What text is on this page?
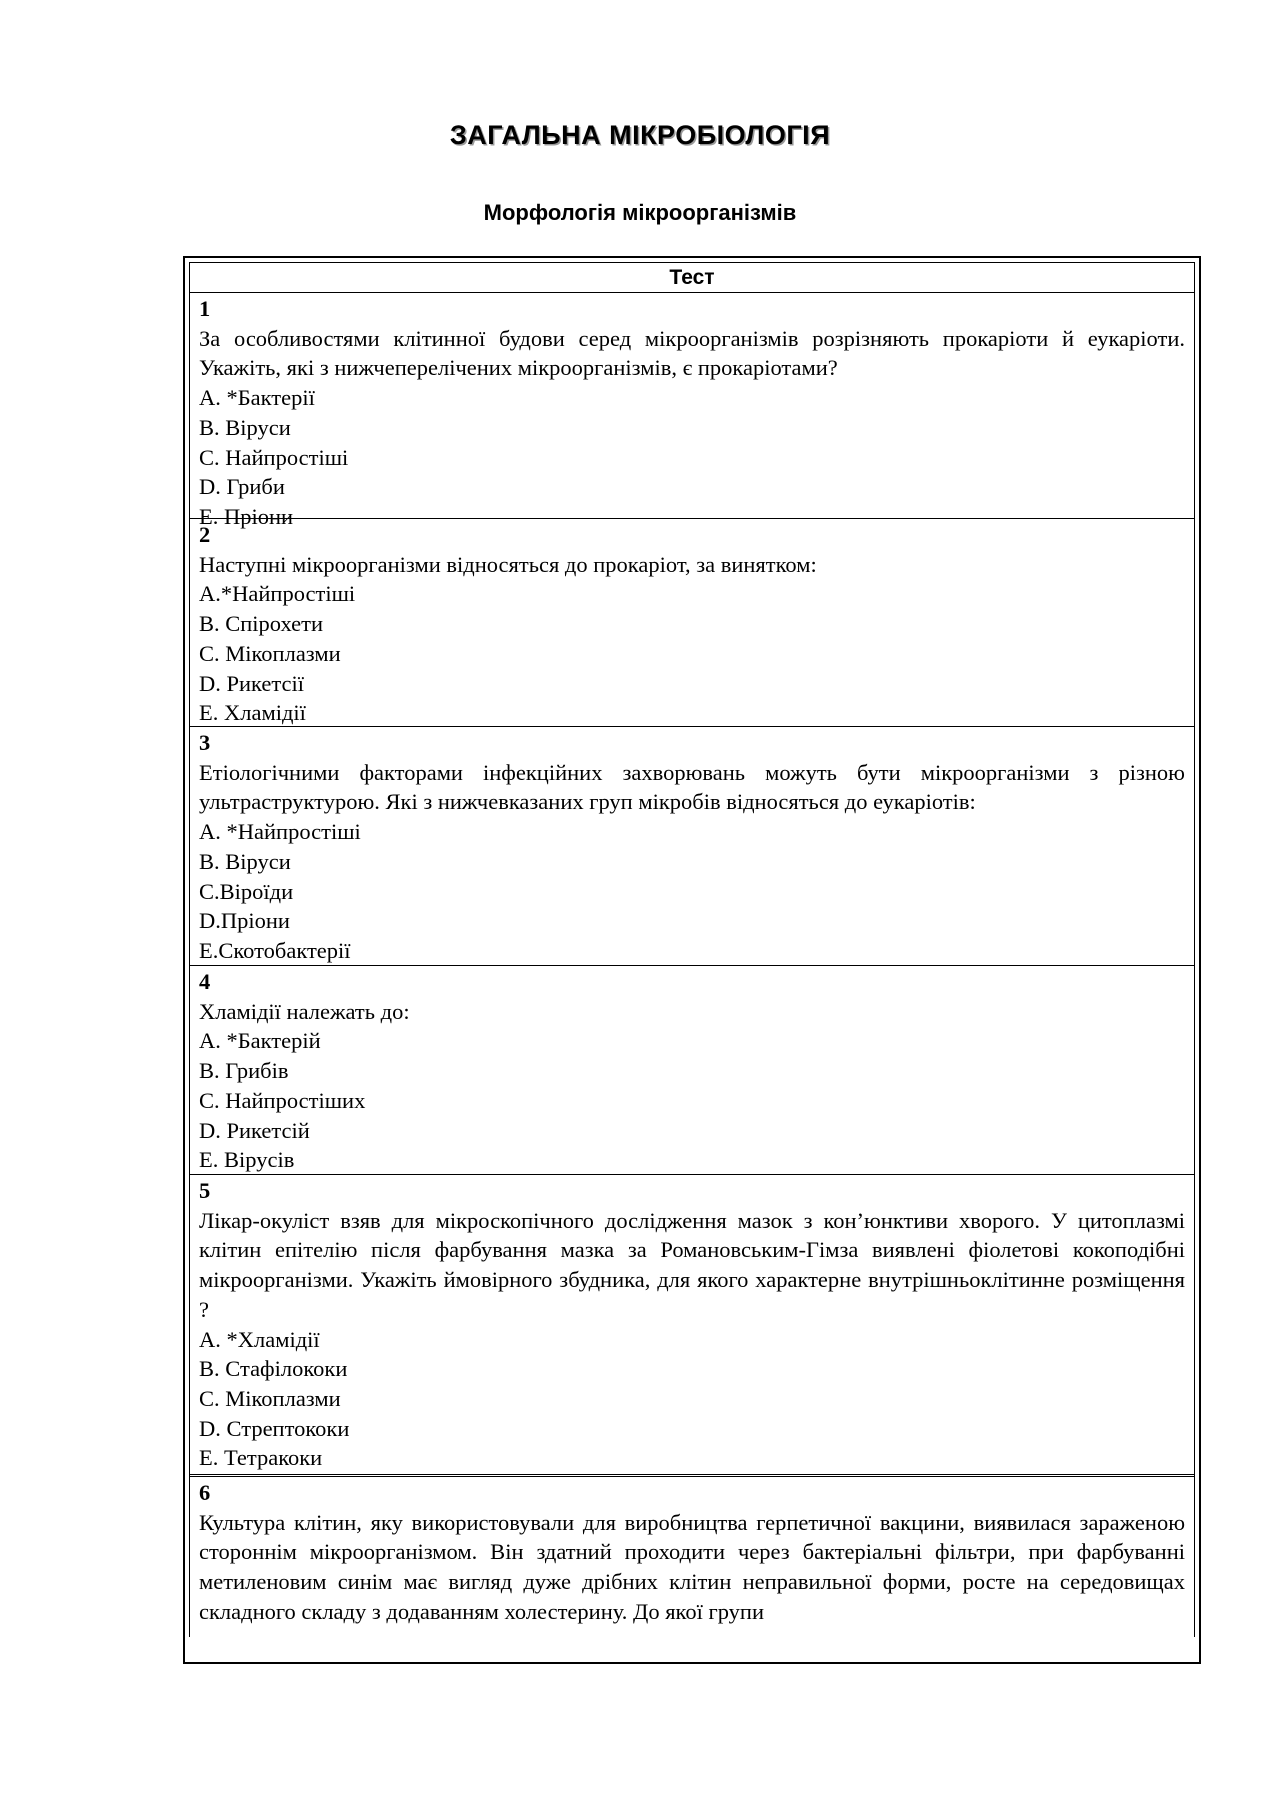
ЗАГАЛЬНА МІКРОБІОЛОГІЯ
Морфологія мікроорганізмів
Тест
1
За особливостями клітинної будови серед мікроорганізмів розрізняють прокаріоти й еукаріоти. Укажіть, які з нижчеперелічених мікроорганізмів, є прокаріотами?
A. *Бактерії
B. Віруси
C. Найпростіші
D. Гриби
E. Пріони
2
Наступні мікроорганізми відносяться до прокаріот, за винятком:
A.*Найпростіші
B. Спірохети
C. Мікоплазми
D. Рикетсії
E. Хламідії
3
Етіологічними факторами інфекційних захворювань можуть бути мікроорганізми з різною ультраструктурою. Які з нижчевказаних груп мікробів відносяться до еукаріотів:
A. *Найпростіші
B. Віруси
C.Віроїди
D.Пріони
E.Скотобактерії
4
Хламідії належать до:
A. *Бактерій
B. Грибів
C. Найпростіших
D. Рикетсій
E. Вірусів
5
Лікар-окуліст взяв для мікроскопічного дослідження мазок з кон’юнктиви хворого. У цитоплазмі клітин епітелію після фарбування мазка за Романовським-Гімза виявлені фіолетові кокоподібні мікроорганізми. Укажіть ймовірного збудника, для якого характерне внутрішньоклітинне розміщення ?
A. *Хламідії
B. Стафілококи
C. Мікоплазми
D. Стрептококи
E. Тетракоки
6
Культура клітин, яку використовували для виробництва герпетичної вакцини, виявилася зараженою стороннім мікроорганізмом. Він здатний проходити через бактеріальні фільтри, при фарбуванні метиленовим синім має вигляд дуже дрібних клітин неправильної форми, росте на середовищах складного складу з додаванням холестерину. До якої групи
